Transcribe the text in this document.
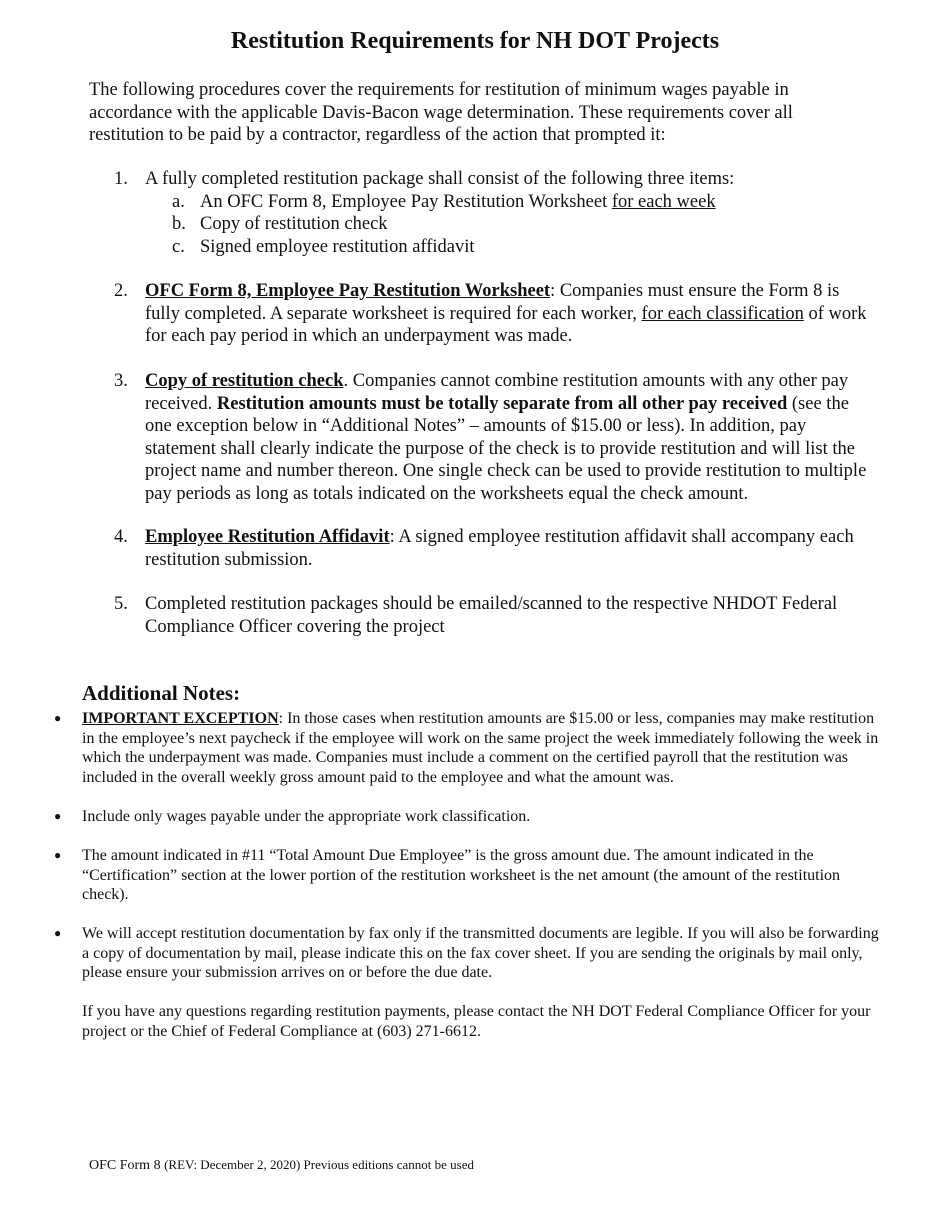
Restitution Requirements for NH DOT Projects

The following procedures cover the requirements for restitution of minimum wages payable in accordance with the applicable Davis-Bacon wage determination. These requirements cover all restitution to be paid by a contractor, regardless of the action that prompted it:

1. A fully completed restitution package shall consist of the following three items:
a. An OFC Form 8, Employee Pay Restitution Worksheet for each week
b. Copy of restitution check
c. Signed employee restitution affidavit
2. OFC Form 8, Employee Pay Restitution Worksheet: Companies must ensure the Form 8 is fully completed. A separate worksheet is required for each worker, for each classification of work for each pay period in which an underpayment was made.
3. Copy of restitution check. Companies cannot combine restitution amounts with any other pay received. Restitution amounts must be totally separate from all other pay received (see the one exception below in “Additional Notes” – amounts of $15.00 or less). In addition, pay statement shall clearly indicate the purpose of the check is to provide restitution and will list the project name and number thereon. One single check can be used to provide restitution to multiple pay periods as long as totals indicated on the worksheets equal the check amount.
4. Employee Restitution Affidavit: A signed employee restitution affidavit shall accompany each restitution submission.
5. Completed restitution packages should be emailed/scanned to the respective NHDOT Federal Compliance Officer covering the project
Additional Notes:
● IMPORTANT EXCEPTION: In those cases when restitution amounts are $15.00 or less, companies may make restitution in the employee’s next paycheck if the employee will work on the same project the week immediately following the week in which the underpayment was made. Companies must include a comment on the certified payroll that the restitution was included in the overall weekly gross amount paid to the employee and what the amount was.
● Include only wages payable under the appropriate work classification.
● The amount indicated in #11 “Total Amount Due Employee” is the gross amount due. The amount indicated in the “Certification” section at the lower portion of the restitution worksheet is the net amount (the amount of the restitution check).
● We will accept restitution documentation by fax only if the transmitted documents are legible. If you will also be forwarding a copy of documentation by mail, please indicate this on the fax cover sheet. If you are sending the originals by mail only, please ensure your submission arrives on or before the due date.

If you have any questions regarding restitution payments, please contact the NH DOT Federal Compliance Officer for your project or the Chief of Federal Compliance at (603) 271-6612.

OFC Form 8 (REV: December 2, 2020) Previous editions cannot be used
